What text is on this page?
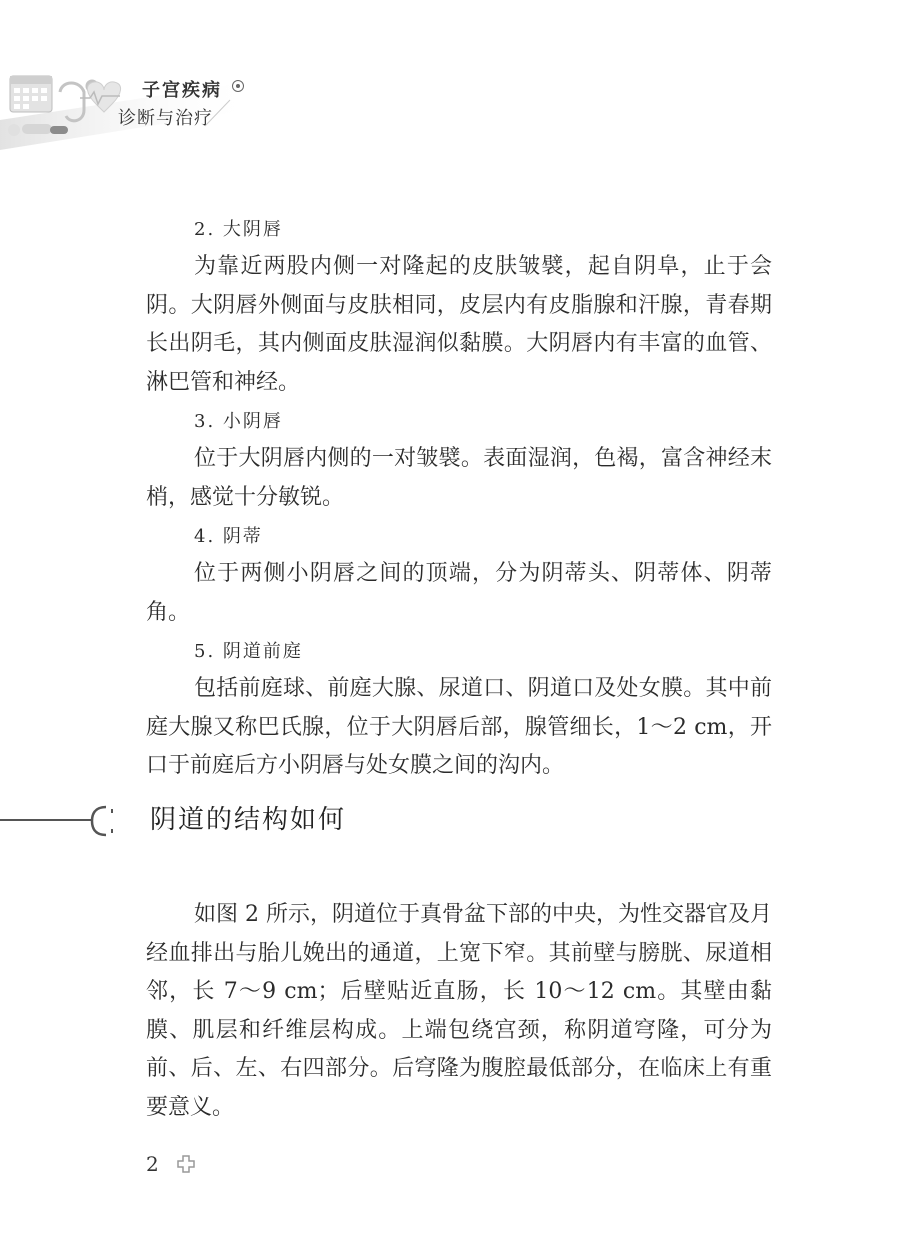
子宫疾病
诊断与治疗
2. 大阴唇

为靠近两股内侧一对隆起的皮肤皱襞，起自阴阜，止于会阴。大阴唇外侧面与皮肤相同，皮层内有皮脂腺和汗腺，青春期长出阴毛，其内侧面皮肤湿润似黏膜。大阴唇内有丰富的血管、淋巴管和神经。

3. 小阴唇

位于大阴唇内侧的一对皱襞。表面湿润，色褐，富含神经末梢，感觉十分敏锐。

4. 阴蒂

位于两侧小阴唇之间的顶端，分为阴蒂头、阴蒂体、阴蒂角。

5. 阴道前庭

包括前庭球、前庭大腺、尿道口、阴道口及处女膜。其中前庭大腺又称巴氏腺，位于大阴唇后部，腺管细长，1～2 cm，开口于前庭后方小阴唇与处女膜之间的沟内。

阴道的结构如何

如图 2 所示，阴道位于真骨盆下部的中央，为性交器官及月经血排出与胎儿娩出的通道，上宽下窄。其前壁与膀胱、尿道相邻，长 7～9 cm；后壁贴近直肠，长 10～12 cm。其壁由黏膜、肌层和纤维层构成。上端包绕宫颈，称阴道穹隆，可分为前、后、左、右四部分。后穹隆为腹腔最低部分，在临床上有重要意义。

2
